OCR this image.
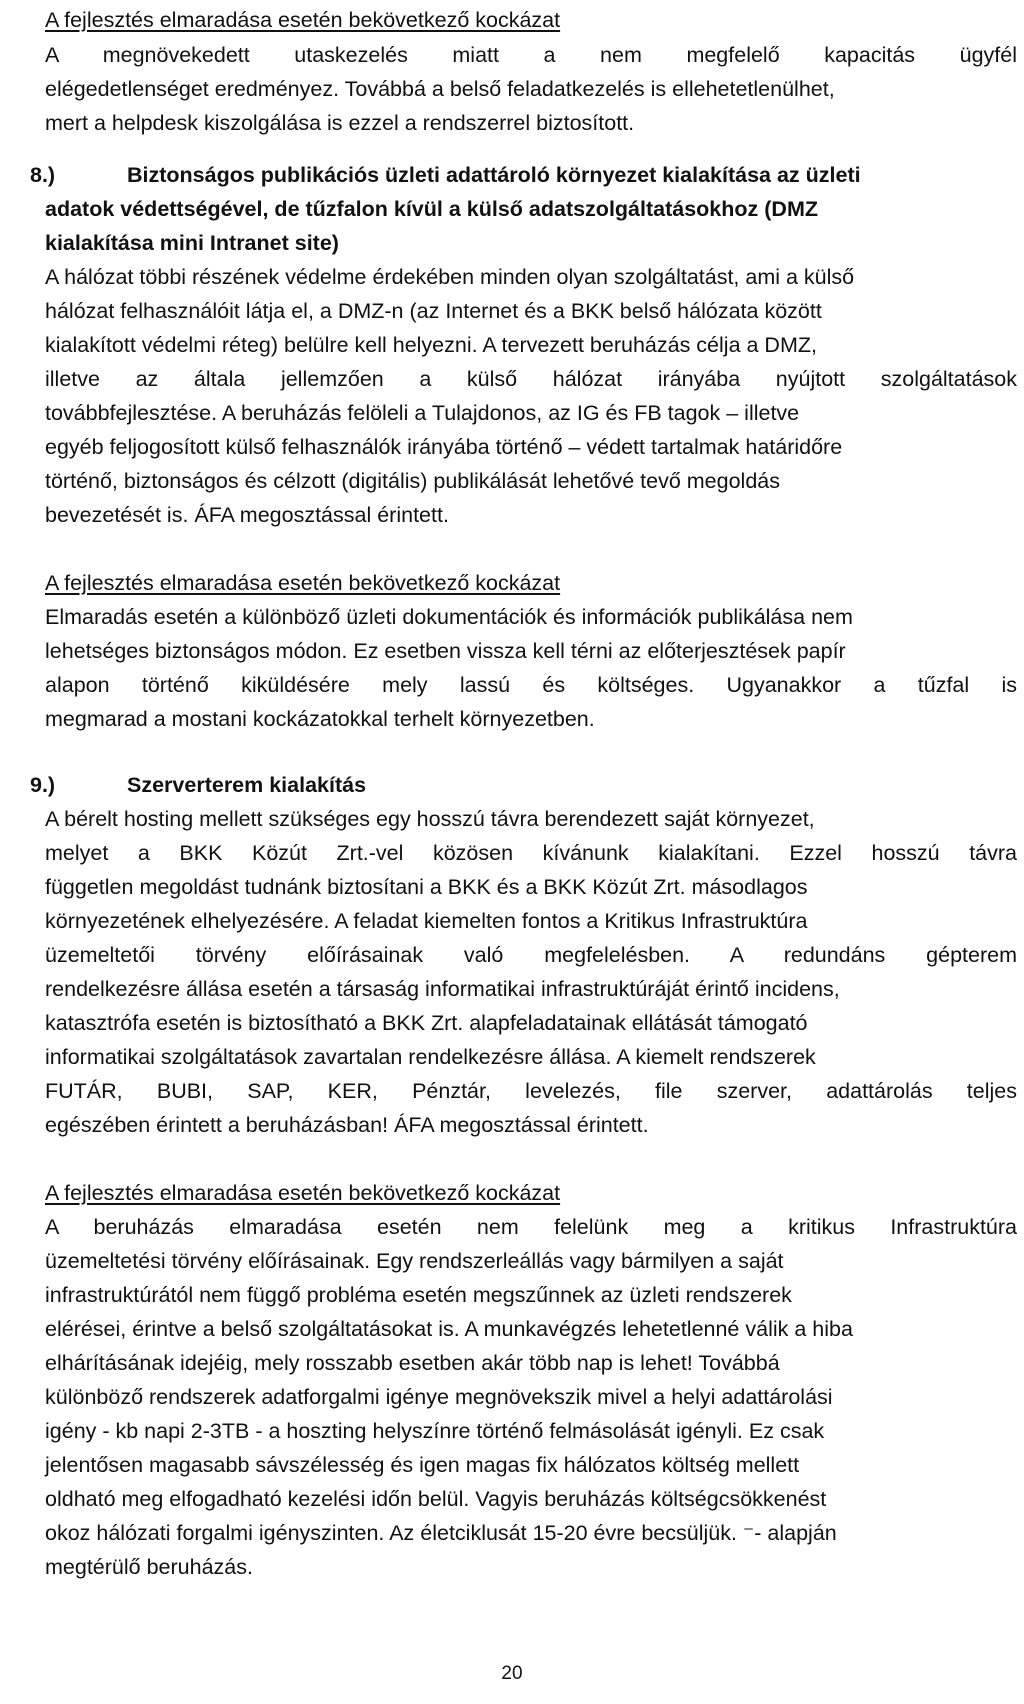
A fejlesztés elmaradása esetén bekövetkező kockázat
A megnövekedett utaskezelés miatt a nem megfelelő kapacitás ügyfél
elégedetlenséget eredményez. Továbbá a belső feladatkezelés is ellehetetlenülhet,
mert a helpdesk kiszolgálása is ezzel a rendszerrel biztosított.
8.)	Biztonságos publikációs üzleti adattároló környezet kialakítása az üzleti
adatok védettségével, de tűzfalon kívül a külső adatszolgáltatásokhoz (DMZ
kialakítása mini Intranet site)
A hálózat többi részének védelme érdekében minden olyan szolgáltatást, ami a külső
hálózat felhasználóit látja el, a DMZ-n (az Internet és a BKK belső hálózata között
kialakított védelmi réteg) belülre kell helyezni. A tervezett beruházás célja a DMZ,
illetve az általa jellemzően a külső hálózat irányába nyújtott szolgáltatások
továbbfejlesztése. A beruházás felöleli a Tulajdonos, az IG és FB tagok – illetve
egyéb feljogosított külső felhasználók irányába történő – védett tartalmak határidőre
történő, biztonságos és célzott (digitális) publikálását lehetővé tevő megoldás
bevezetését is. ÁFA megosztással érintett.
A fejlesztés elmaradása esetén bekövetkező kockázat
Elmaradás esetén a különböző üzleti dokumentációk és információk publikálása nem
lehetséges biztonságos módon. Ez esetben vissza kell térni az előterjesztések papír
alapon történő kiküldésére mely lassú és költséges. Ugyanakkor a tűzfal is
megmarad a mostani kockázatokkal terhelt környezetben.
9.)	Szerverterem kialakítás
A bérelt hosting mellett szükséges egy hosszú távra berendezett saját környezet,
melyet a BKK Közút Zrt.-vel közösen kívánunk kialakítani. Ezzel hosszú távra
független megoldást tudnánk biztosítani a BKK és a BKK Közút Zrt. másodlagos
környezetének elhelyezésére. A feladat kiemelten fontos a Kritikus Infrastruktúra
üzemeltetői törvény előírásainak való megfelelésben. A redundáns gépterem
rendelkezésre állása esetén a társaság informatikai infrastruktúráját érintő incidens,
katasztrófa esetén is biztosítható a BKK Zrt. alapfeladatainak ellátását támogató
informatikai szolgáltatások zavartalan rendelkezésre állása. A kiemelt rendszerek
FUTÁR, BUBI, SAP, KER, Pénztár, levelezés, file szerver, adattárolás teljes
egészében érintett a beruházásban! ÁFA megosztással érintett.
A fejlesztés elmaradása esetén bekövetkező kockázat
A beruházás elmaradása esetén nem felelünk meg a kritikus Infrastruktúra
üzemeltetési törvény előírásainak. Egy rendszerleállás vagy bármilyen a saját
infrastruktúrától nem függő probléma esetén megszűnnek az üzleti rendszerek
elérései, érintve a belső szolgáltatásokat is. A munkavégzés lehetetlenné válik a hiba
elhárításának idejéig, mely rosszabb esetben akár több nap is lehet! Továbbá
különböző rendszerek adatforgalmi igénye megnövekszik mivel a helyi adattárolási
igény - kb napi 2-3TB - a hoszting helyszínre történő felmásolását igényli. Ez csak
jelentősen magasabb sávszélesség és igen magas fix hálózatos költség mellett
oldható meg elfogadható kezelési időn belül. Vagyis beruházás költségcsökkenést
okoz hálózati forgalmi igényszinten. Az életciklusát 15-20 évre becsüljük. ⁻‐ alapján
megtérülő beruházás.
20
